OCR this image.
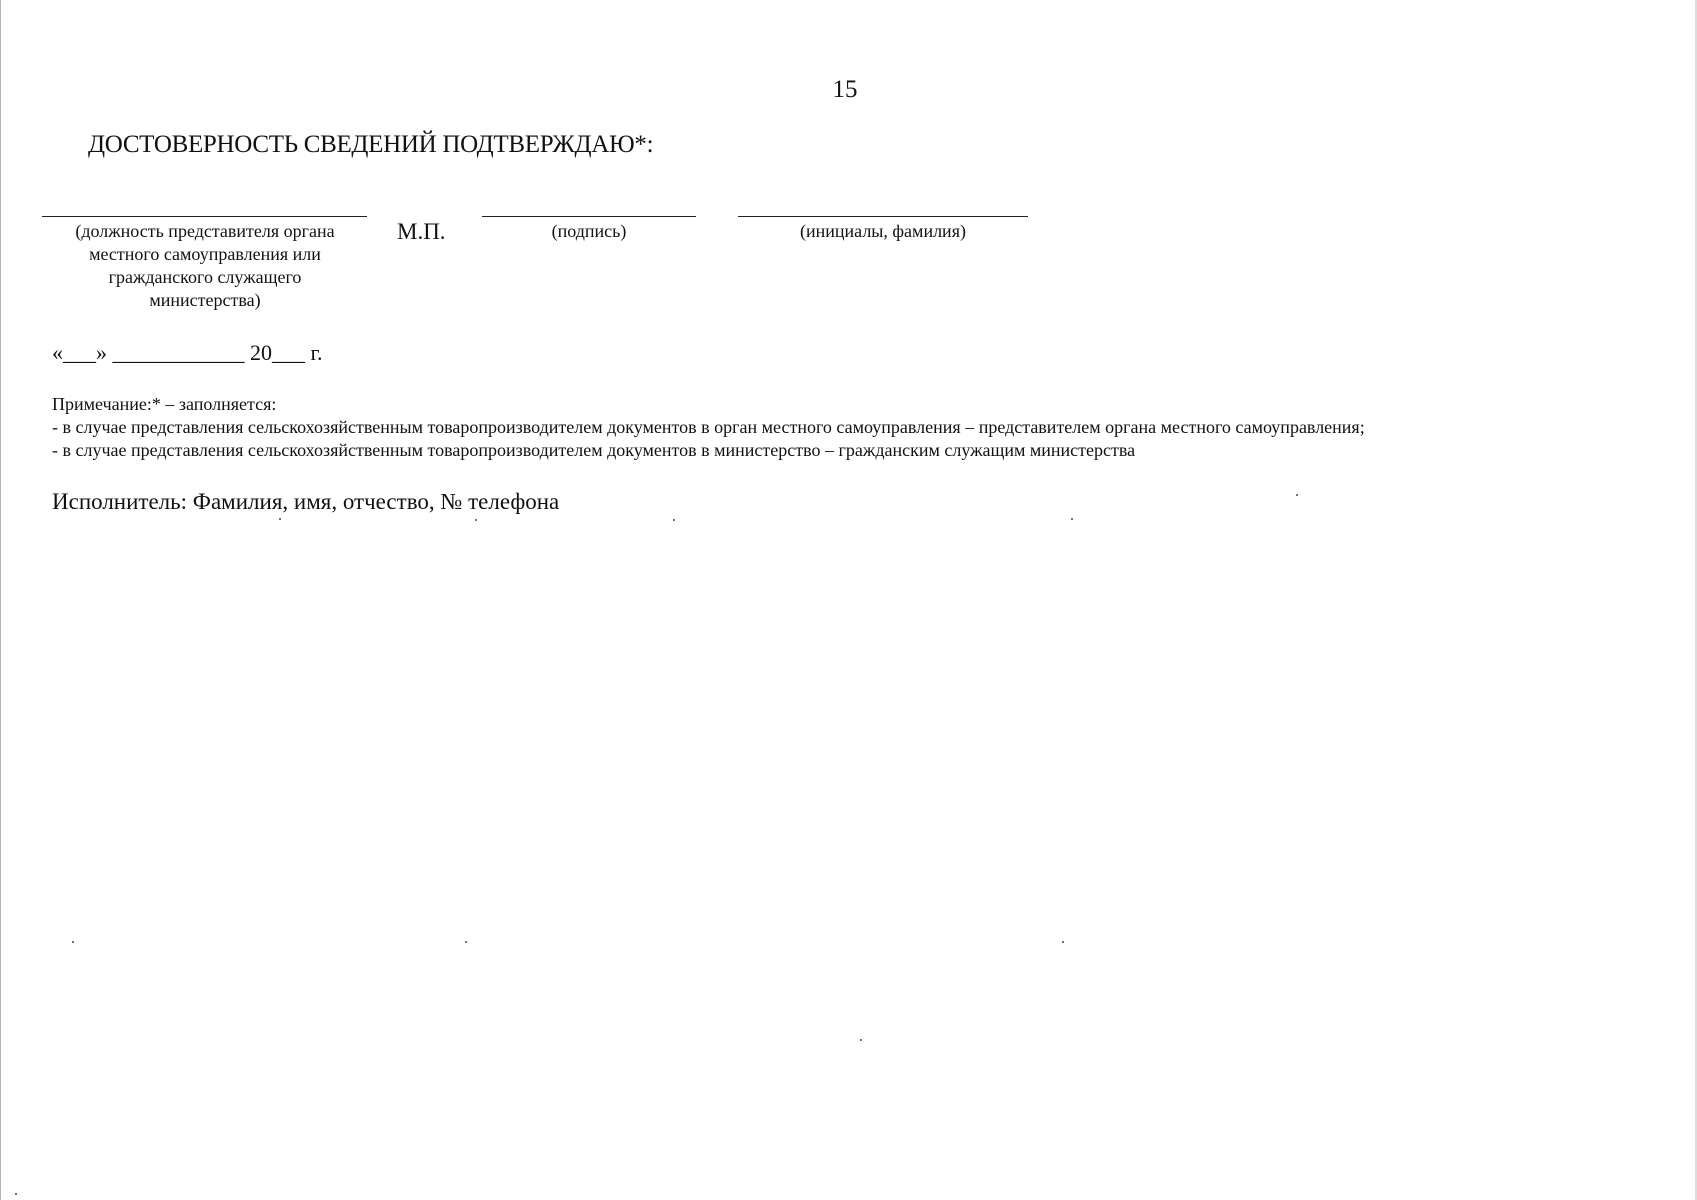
15
ДОСТОВЕРНОСТЬ СВЕДЕНИЙ ПОДТВЕРЖДАЮ*:
(должность представителя органа
местного самоуправления или
гражданского служащего
министерства)
М.П.	(подпись)	(инициалы, фамилия)
«___» ____________ 20___ г.
Примечание:* – заполняется:
- в случае представления сельскохозяйственным товаропроизводителем документов в орган местного самоуправления – представителем органа местного самоуправления;
- в случае представления сельскохозяйственным товаропроизводителем документов в министерство – гражданским служащим министерства
Исполнитель: Фамилия, имя, отчество, № телефона
